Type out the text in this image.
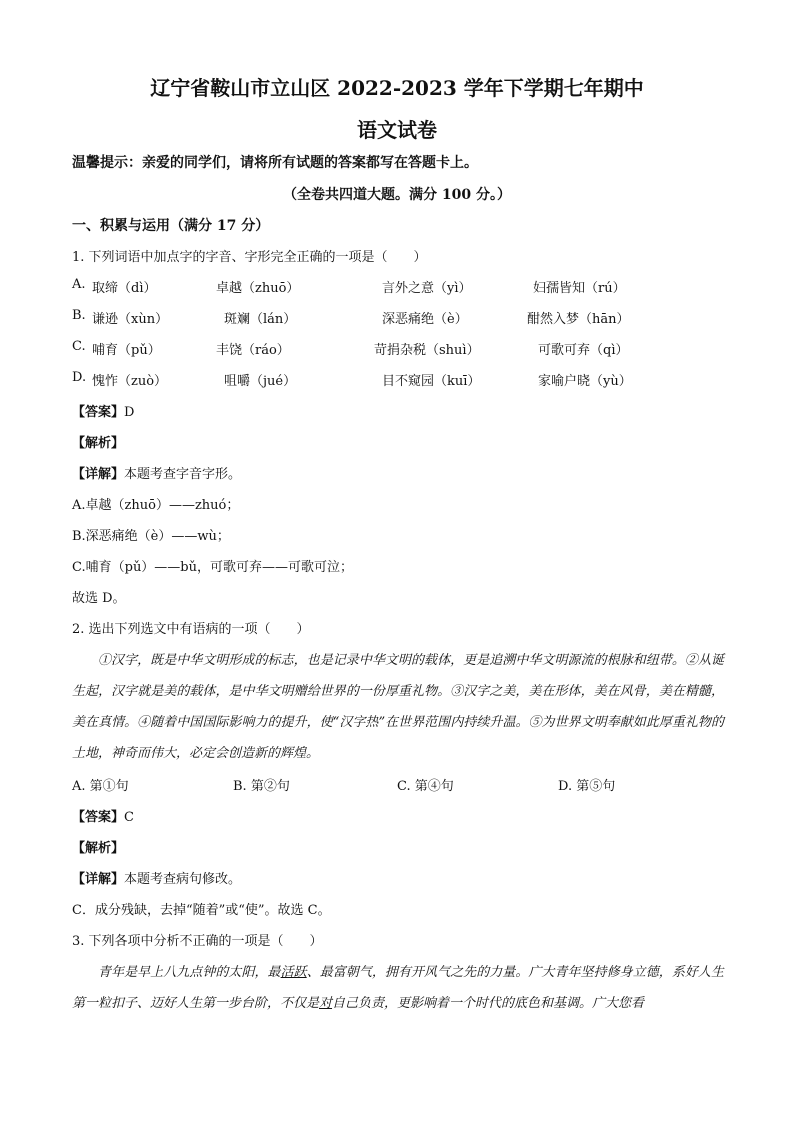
辽宁省鞍山市立山区 2022-2023 学年下学期七年期中
语文试卷
温馨提示：亲爱的同学们，请将所有试题的答案都写在答题卡上。
（全卷共四道大题。满分 100 分。）
一、积累与运用（满分 17 分）
1. 下列词语中加点字的字音、字形完全正确的一项是（　　）
A. 取缔（dì）	卓越（zhuō）	言外之意（yì）	妇孺皆知（rú）
B. 谦逊（xùn）	斑斓（lán）	深恶痛绝（è）	酣然入梦（hān）
C. 哺育（pǔ）	丰饶（ráo）	苛捐杂税（shuì）	可歌可弃（qì）
D. 愧怍（zuò）	咀嚼（jué）	目不窥园（kuī）	家喻户晓（yù）
【答案】D
【解析】
【详解】本题考查字音字形。
A.卓越（zhuō）——zhuó；
B.深恶痛绝（è）——wù；
C.哺育（pǔ）——bǔ，可歌可弃——可歌可泣；
故选 D。
2. 选出下列选文中有语病的一项（　　）

①汉字，既是中华文明形成的标志，也是记录中华文明的载体，更是追溯中华文明源流的根脉和纽带。②从诞生起，汉字就是美的载体，是中华文明赠给世界的一份厚重礼物。③汉字之美，美在形体，美在风骨，美在精髓，美在真情。④随着中国国际影响力的提升，使“汉字热”在世界范围内持续升温。⑤为世界文明奉献如此厚重礼物的土地，神奇而伟大，必定会创造新的辉煌。

A. 第①句	B. 第②句	C. 第④句	D. 第⑤句
【答案】C
【解析】
【详解】本题考查病句修改。
C．成分残缺，去掉“随着”或“使”。故选 C。
3. 下列各项中分析不正确的一项是（　　）

青年是早上八九点钟的太阳，最活跃、最富朝气，拥有开风气之先的力量。广大青年坚持修身立德，系好人生第一粒扣子、迈好人生第一步台阶，不仅是对自己负责，更影响着一个时代的底色和基调。广大您看
